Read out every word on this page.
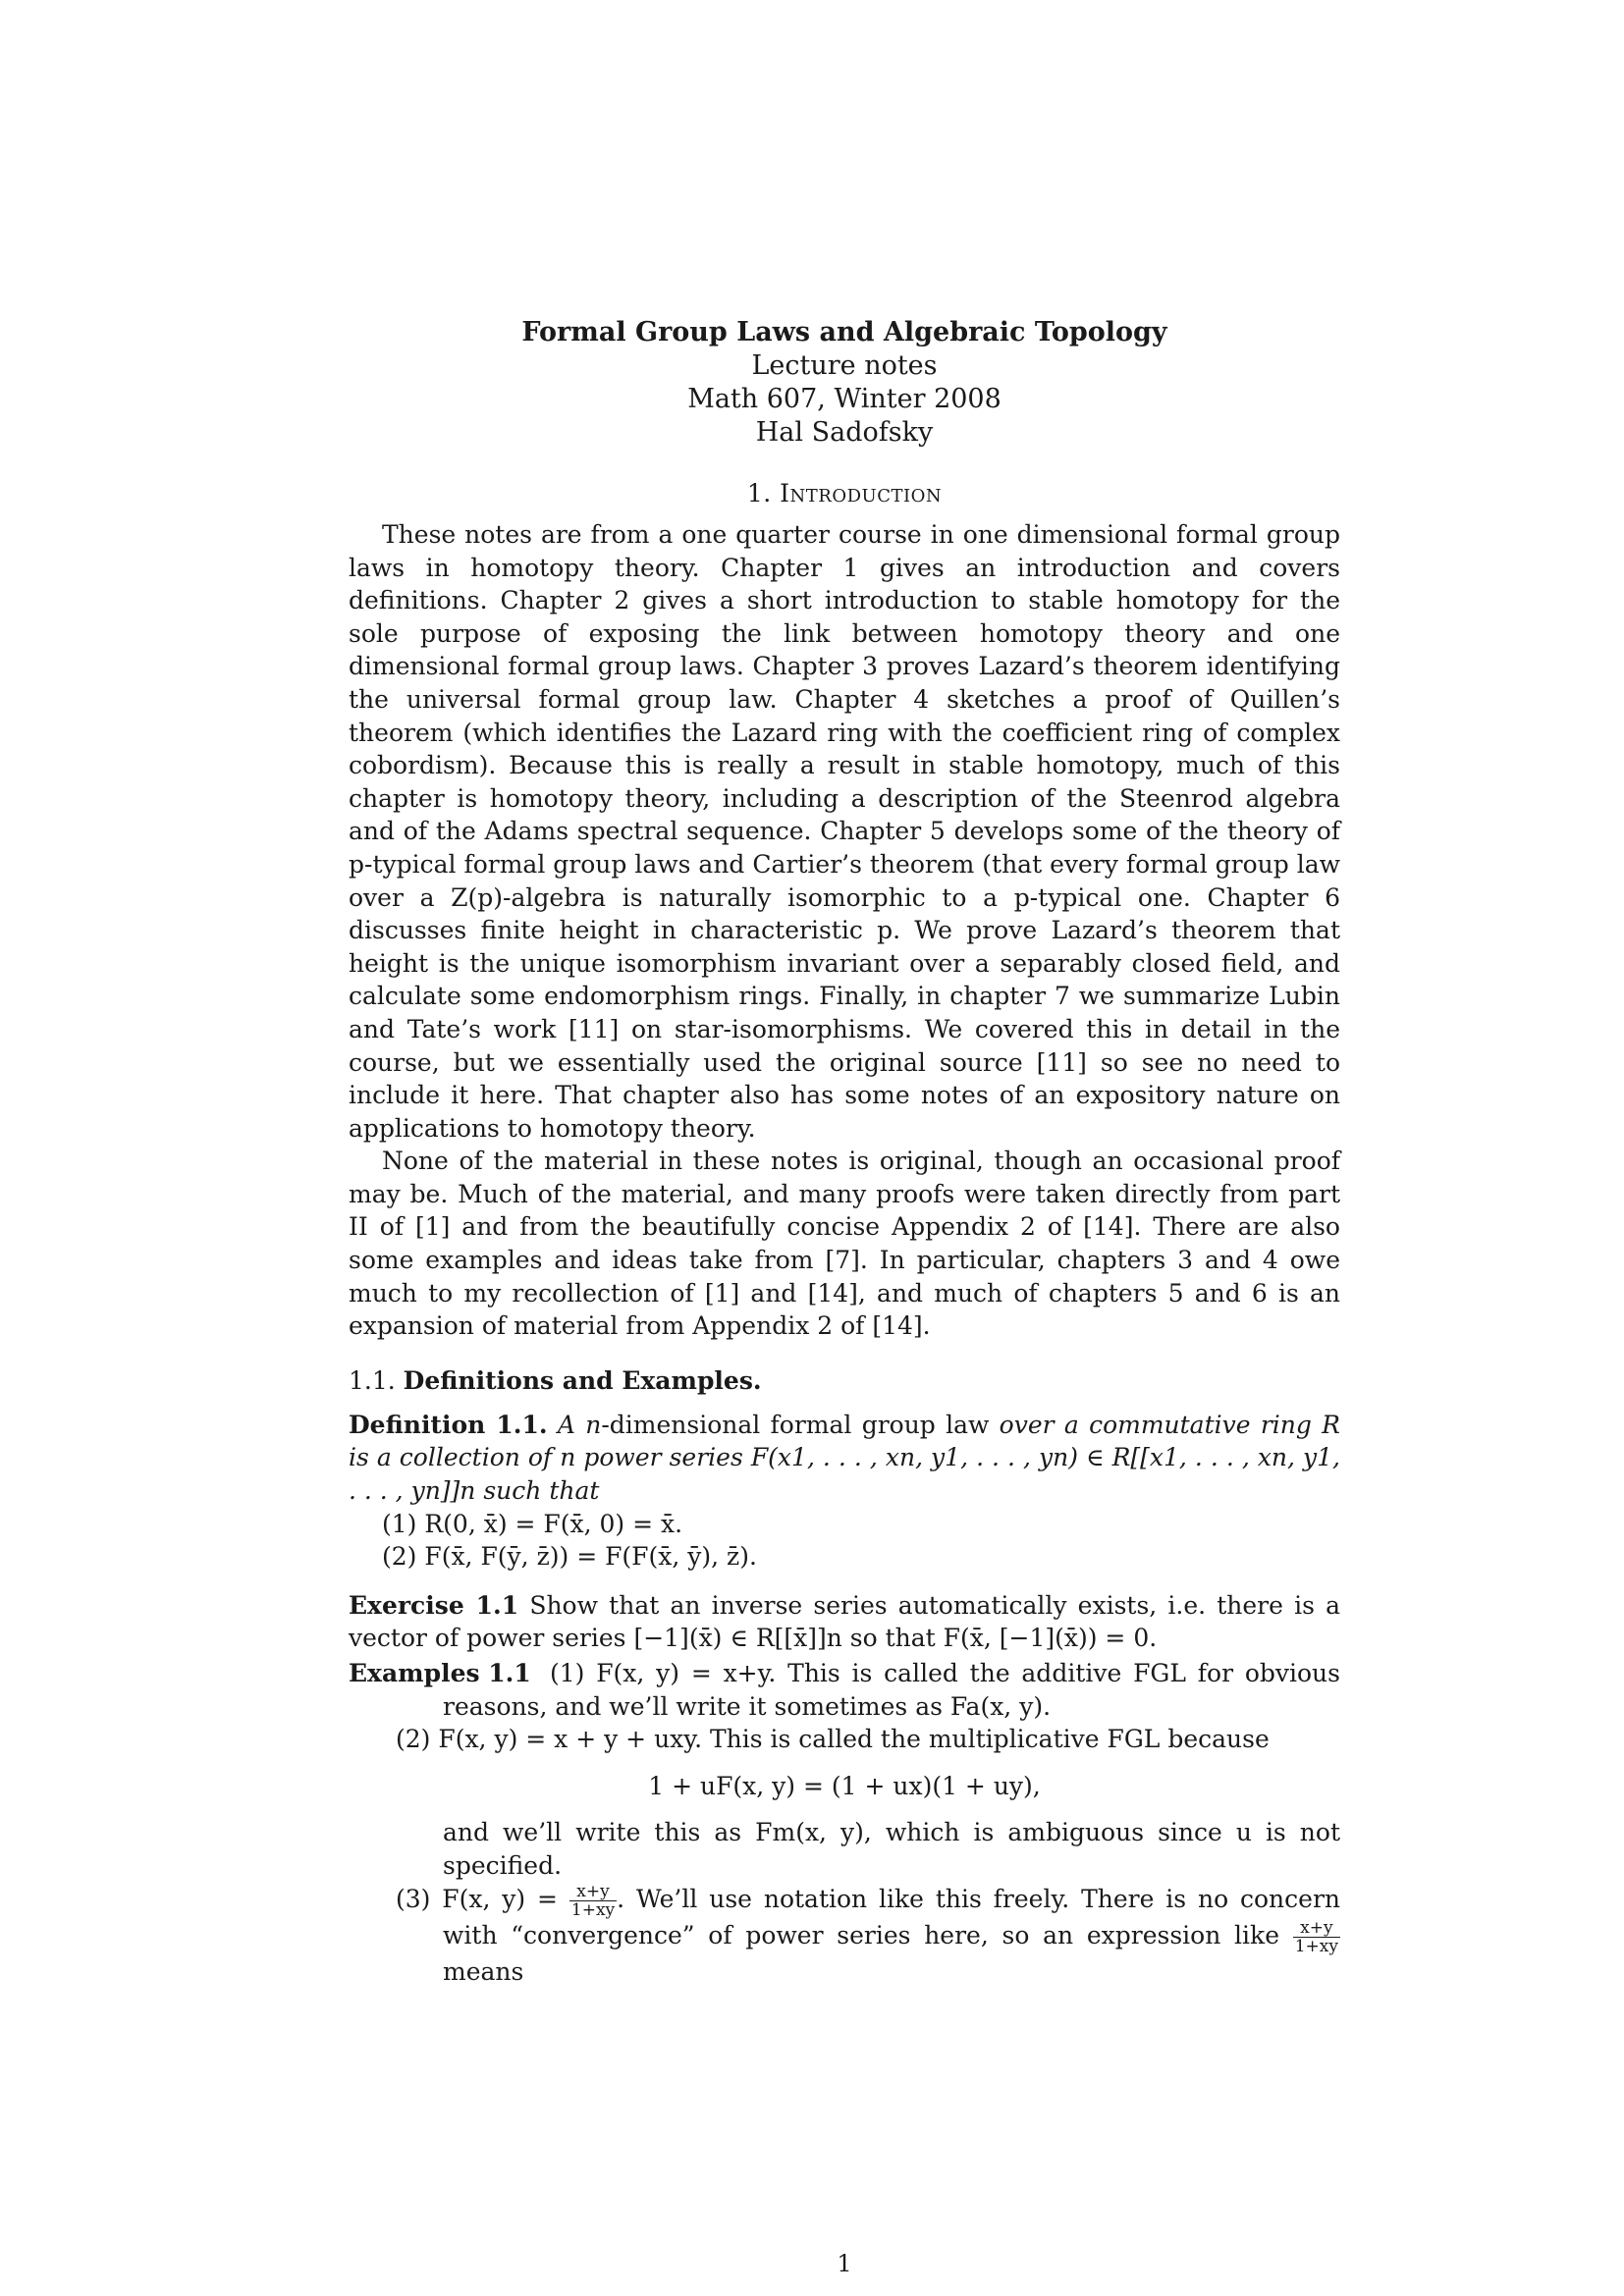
Formal Group Laws and Algebraic Topology
Lecture notes
Math 607, Winter 2008
Hal Sadofsky
1. Introduction

These notes are from a one quarter course in one dimensional formal group laws in homotopy theory. Chapter 1 gives an introduction and covers definitions. Chapter 2 gives a short introduction to stable homotopy for the sole purpose of exposing the link between homotopy theory and one dimensional formal group laws. Chapter 3 proves Lazard’s theorem identifying the universal formal group law. Chapter 4 sketches a proof of Quillen’s theorem (which identifies the Lazard ring with the coefficient ring of complex cobordism). Because this is really a result in stable homotopy, much of this chapter is homotopy theory, including a description of the Steenrod algebra and of the Adams spectral sequence. Chapter 5 develops some of the theory of p-typical formal group laws and Cartier’s theorem (that every formal group law over a Z(p)-algebra is naturally isomorphic to a p-typical one. Chapter 6 discusses finite height in characteristic p. We prove Lazard’s theorem that height is the unique isomorphism invariant over a separably closed field, and calculate some endomorphism rings. Finally, in chapter 7 we summarize Lubin and Tate’s work [11] on star-isomorphisms. We covered this in detail in the course, but we essentially used the original source [11] so see no need to include it here. That chapter also has some notes of an expository nature on applications to homotopy theory.

None of the material in these notes is original, though an occasional proof may be. Much of the material, and many proofs were taken directly from part II of [1] and from the beautifully concise Appendix 2 of [14]. There are also some examples and ideas take from [7]. In particular, chapters 3 and 4 owe much to my recollection of [1] and [14], and much of chapters 5 and 6 is an expansion of material from Appendix 2 of [14].

1.1. Definitions and Examples.
Definition 1.1. A n-dimensional formal group law over a commutative ring R is a collection of n power series F(x1, . . . , xn, y1, . . . , yn) ∈ R[[x1, . . . , xn, y1, . . . , yn]]n such that
(1) R(0, x̄) = F(x̄, 0) = x̄.
(2) F(x̄, F(ȳ, z̄)) = F(F(x̄, ȳ), z̄).
Exercise 1.1 Show that an inverse series automatically exists, i.e. there is a vector of power series [−1](x̄) ∈ R[[x̄]]n so that F(x̄, [−1](x̄)) = 0.
Examples 1.1 (1) F(x, y) = x+y. This is called the additive FGL for obvious reasons, and we’ll write it sometimes as Fa(x, y).
(2) F(x, y) = x + y + uxy. This is called the multiplicative FGL because
1 + uF(x, y) = (1 + ux)(1 + uy),
and we’ll write this as Fm(x, y), which is ambiguous since u is not specified.
(3) F(x, $y) = \frac{x+y}{1+xy}$ . We’ll use notation like this freely. There is no concern with “convergence” of power series here, so an expression like $\frac{x+y}{1+xy}$
means
1
